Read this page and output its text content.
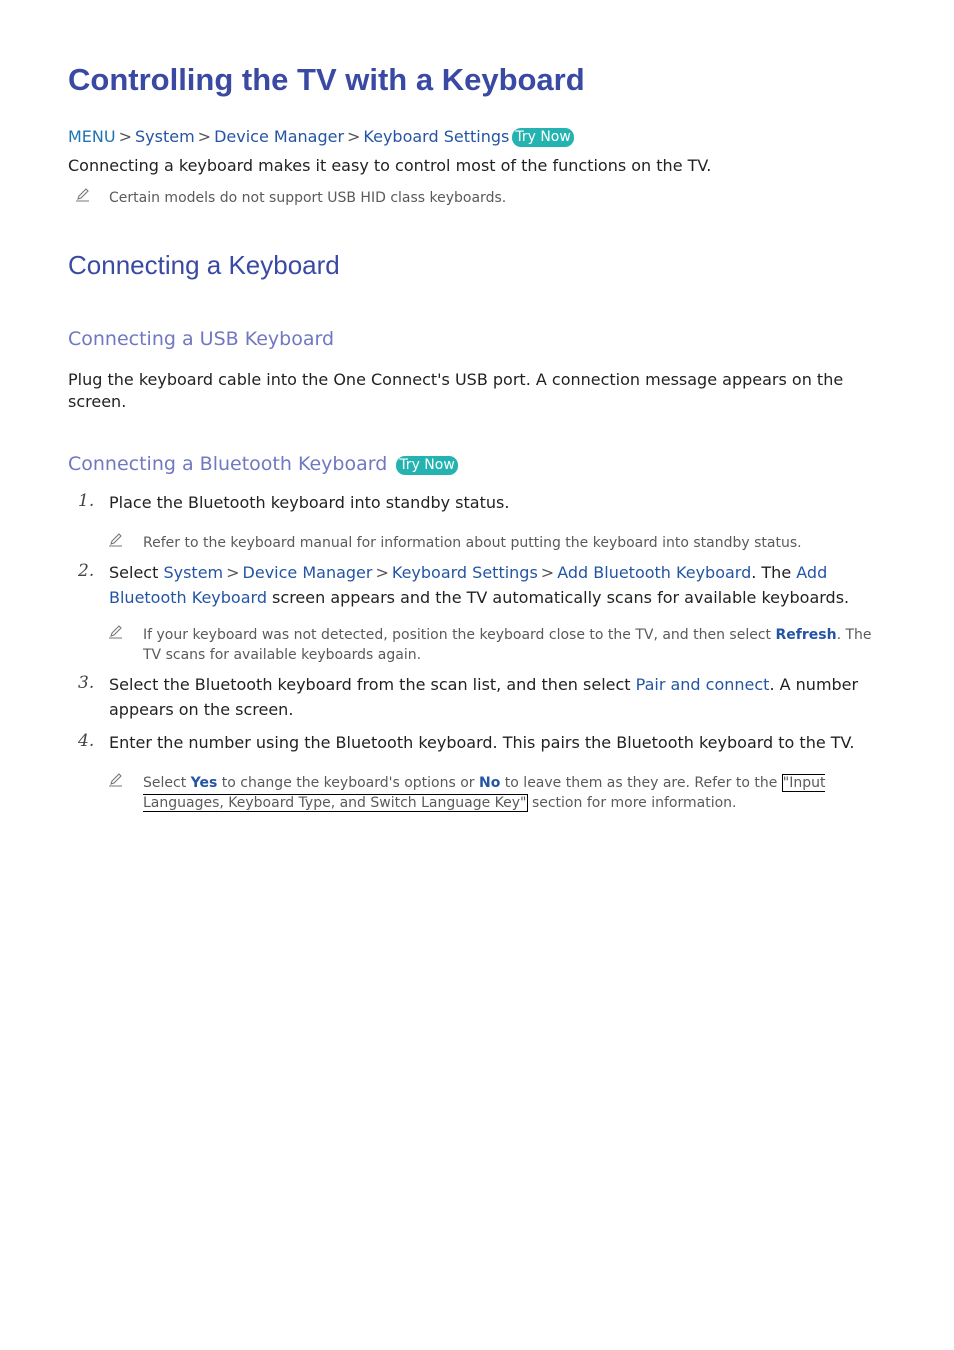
Controlling the TV with a Keyboard
MENU > System > Device Manager > Keyboard Settings Try Now

Connecting a keyboard makes it easy to control most of the functions on the TV.

Certain models do not support USB HID class keyboards.
Connecting a Keyboard
Connecting a USB Keyboard

Plug the keyboard cable into the One Connect's USB port. A connection message appears on the screen.

Connecting a Bluetooth Keyboard Try Now
1. Place the Bluetooth keyboard into standby status.
Refer to the keyboard manual for information about putting the keyboard into standby status.
2. Select System > Device Manager > Keyboard Settings > Add Bluetooth Keyboard. The Add Bluetooth Keyboard screen appears and the TV automatically scans for available keyboards.
If your keyboard was not detected, position the keyboard close to the TV, and then select Refresh. The TV scans for available keyboards again.
3. Select the Bluetooth keyboard from the scan list, and then select Pair and connect. A number appears on the screen.
4. Enter the number using the Bluetooth keyboard. This pairs the Bluetooth keyboard to the TV.
Select Yes to change the keyboard's options or No to leave them as they are. Refer to the "Input Languages, Keyboard Type, and Switch Language Key" section for more information.
